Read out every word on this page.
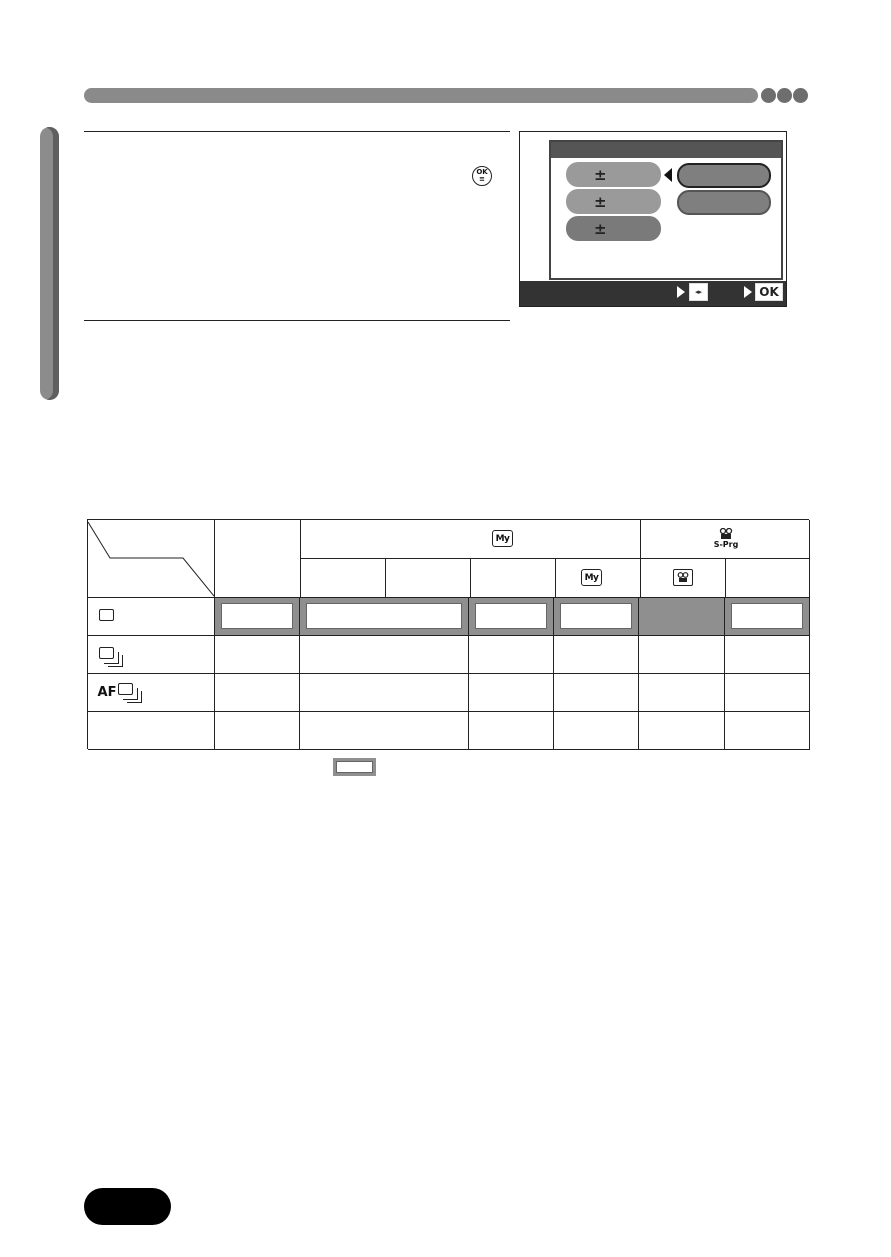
OK
≡	±
±
±
◂▸	OK
My
S-Prg
My
AF
